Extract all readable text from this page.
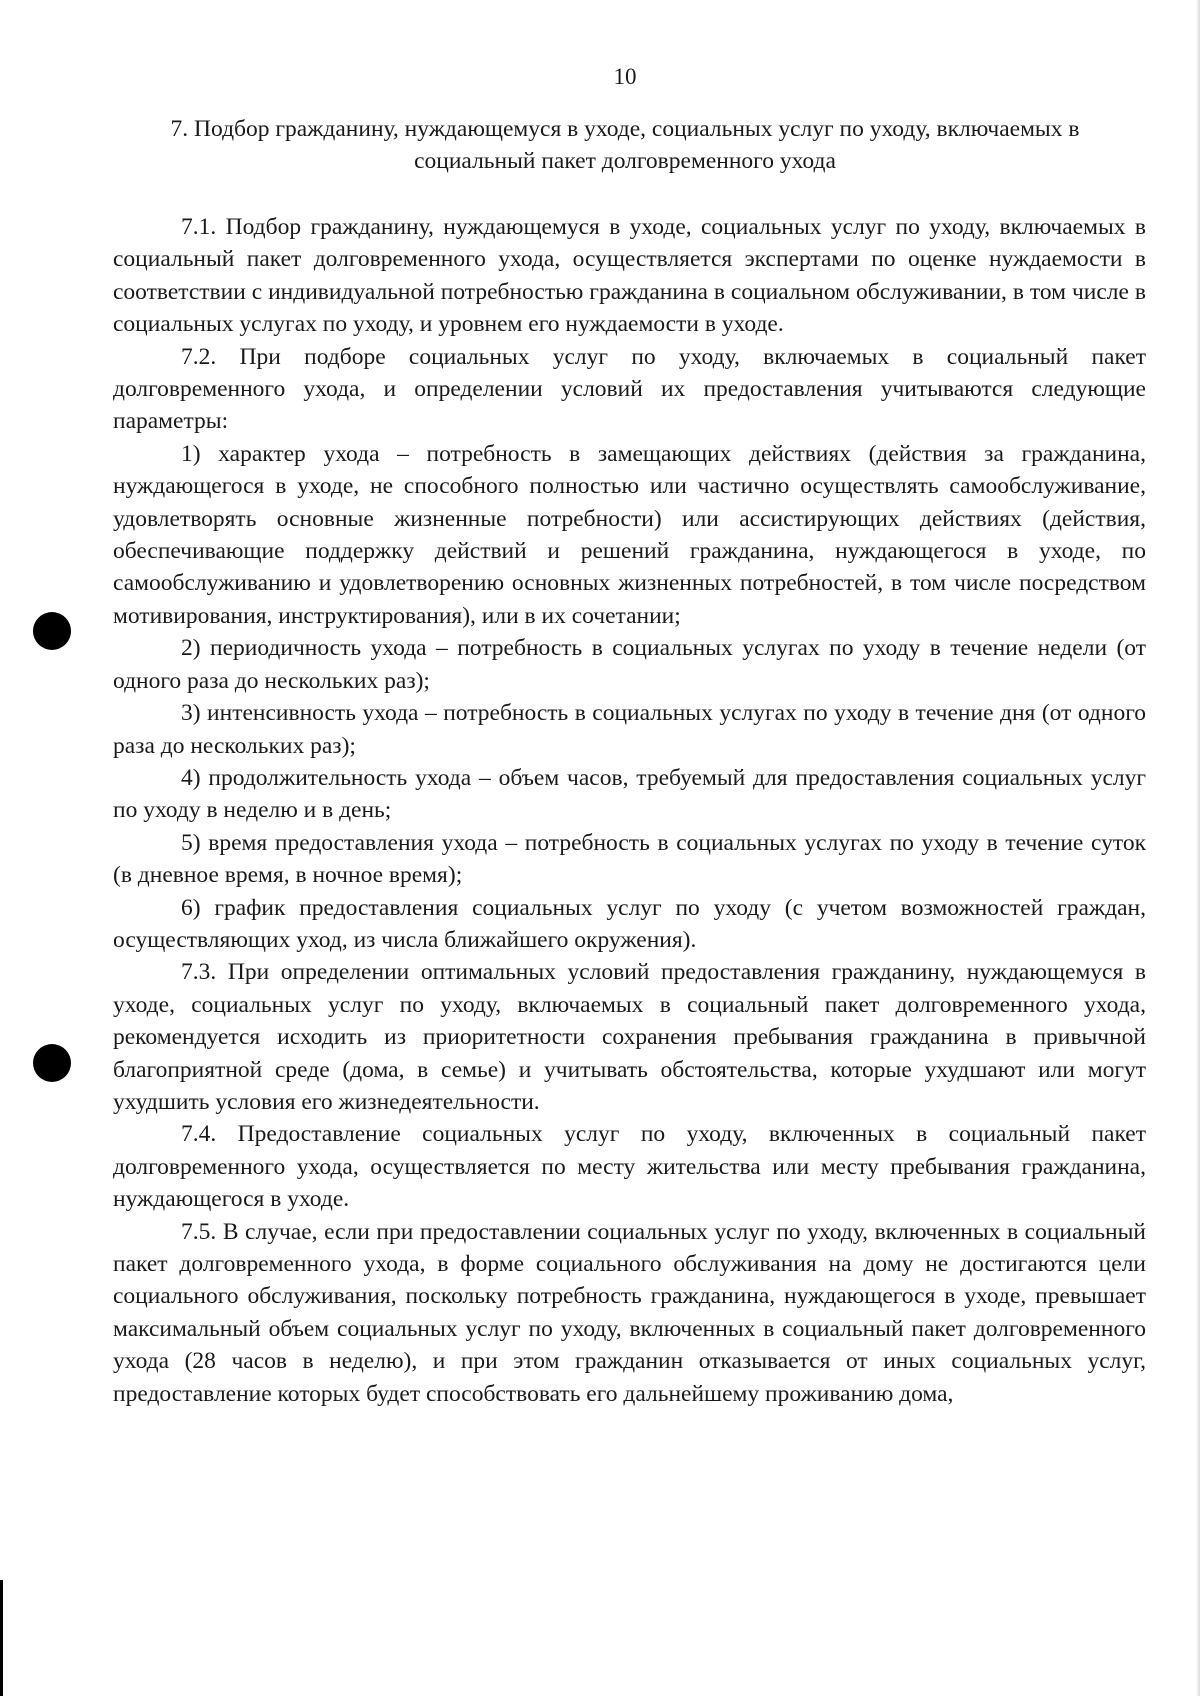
10
7. Подбор гражданину, нуждающемуся в уходе, социальных услуг по уходу, включаемых в социальный пакет долговременного ухода

7.1. Подбор гражданину, нуждающемуся в уходе, социальных услуг по уходу, включаемых в социальный пакет долговременного ухода, осуществляется экспертами по оценке нуждаемости в соответствии с индивидуальной потребностью гражданина в социальном обслуживании, в том числе в социальных услугах по уходу, и уровнем его нуждаемости в уходе.

7.2. При подборе социальных услуг по уходу, включаемых в социальный пакет долговременного ухода, и определении условий их предоставления учитываются следующие параметры:

1) характер ухода – потребность в замещающих действиях (действия за гражданина, нуждающегося в уходе, не способного полностью или частично осуществлять самообслуживание, удовлетворять основные жизненные потребности) или ассистирующих действиях (действия, обеспечивающие поддержку действий и решений гражданина, нуждающегося в уходе, по самообслуживанию и удовлетворению основных жизненных потребностей, в том числе посредством мотивирования, инструктирования), или в их сочетании;

2) периодичность ухода – потребность в социальных услугах по уходу в течение недели (от одного раза до нескольких раз);

3) интенсивность ухода – потребность в социальных услугах по уходу в течение дня (от одного раза до нескольких раз);

4) продолжительность ухода – объем часов, требуемый для предоставления социальных услуг по уходу в неделю и в день;

5) время предоставления ухода – потребность в социальных услугах по уходу в течение суток (в дневное время, в ночное время);

6) график предоставления социальных услуг по уходу (с учетом возможностей граждан, осуществляющих уход, из числа ближайшего окружения).

7.3. При определении оптимальных условий предоставления гражданину, нуждающемуся в уходе, социальных услуг по уходу, включаемых в социальный пакет долговременного ухода, рекомендуется исходить из приоритетности сохранения пребывания гражданина в привычной благоприятной среде (дома, в семье) и учитывать обстоятельства, которые ухудшают или могут ухудшить условия его жизнедеятельности.

7.4. Предоставление социальных услуг по уходу, включенных в социальный пакет долговременного ухода, осуществляется по месту жительства или месту пребывания гражданина, нуждающегося в уходе.

7.5. В случае, если при предоставлении социальных услуг по уходу, включенных в социальный пакет долговременного ухода, в форме социального обслуживания на дому не достигаются цели социального обслуживания, поскольку потребность гражданина, нуждающегося в уходе, превышает максимальный объем социальных услуг по уходу, включенных в социальный пакет долговременного ухода (28 часов в неделю), и при этом гражданин отказывается от иных социальных услуг, предоставление которых будет способствовать его дальнейшему проживанию дома,
